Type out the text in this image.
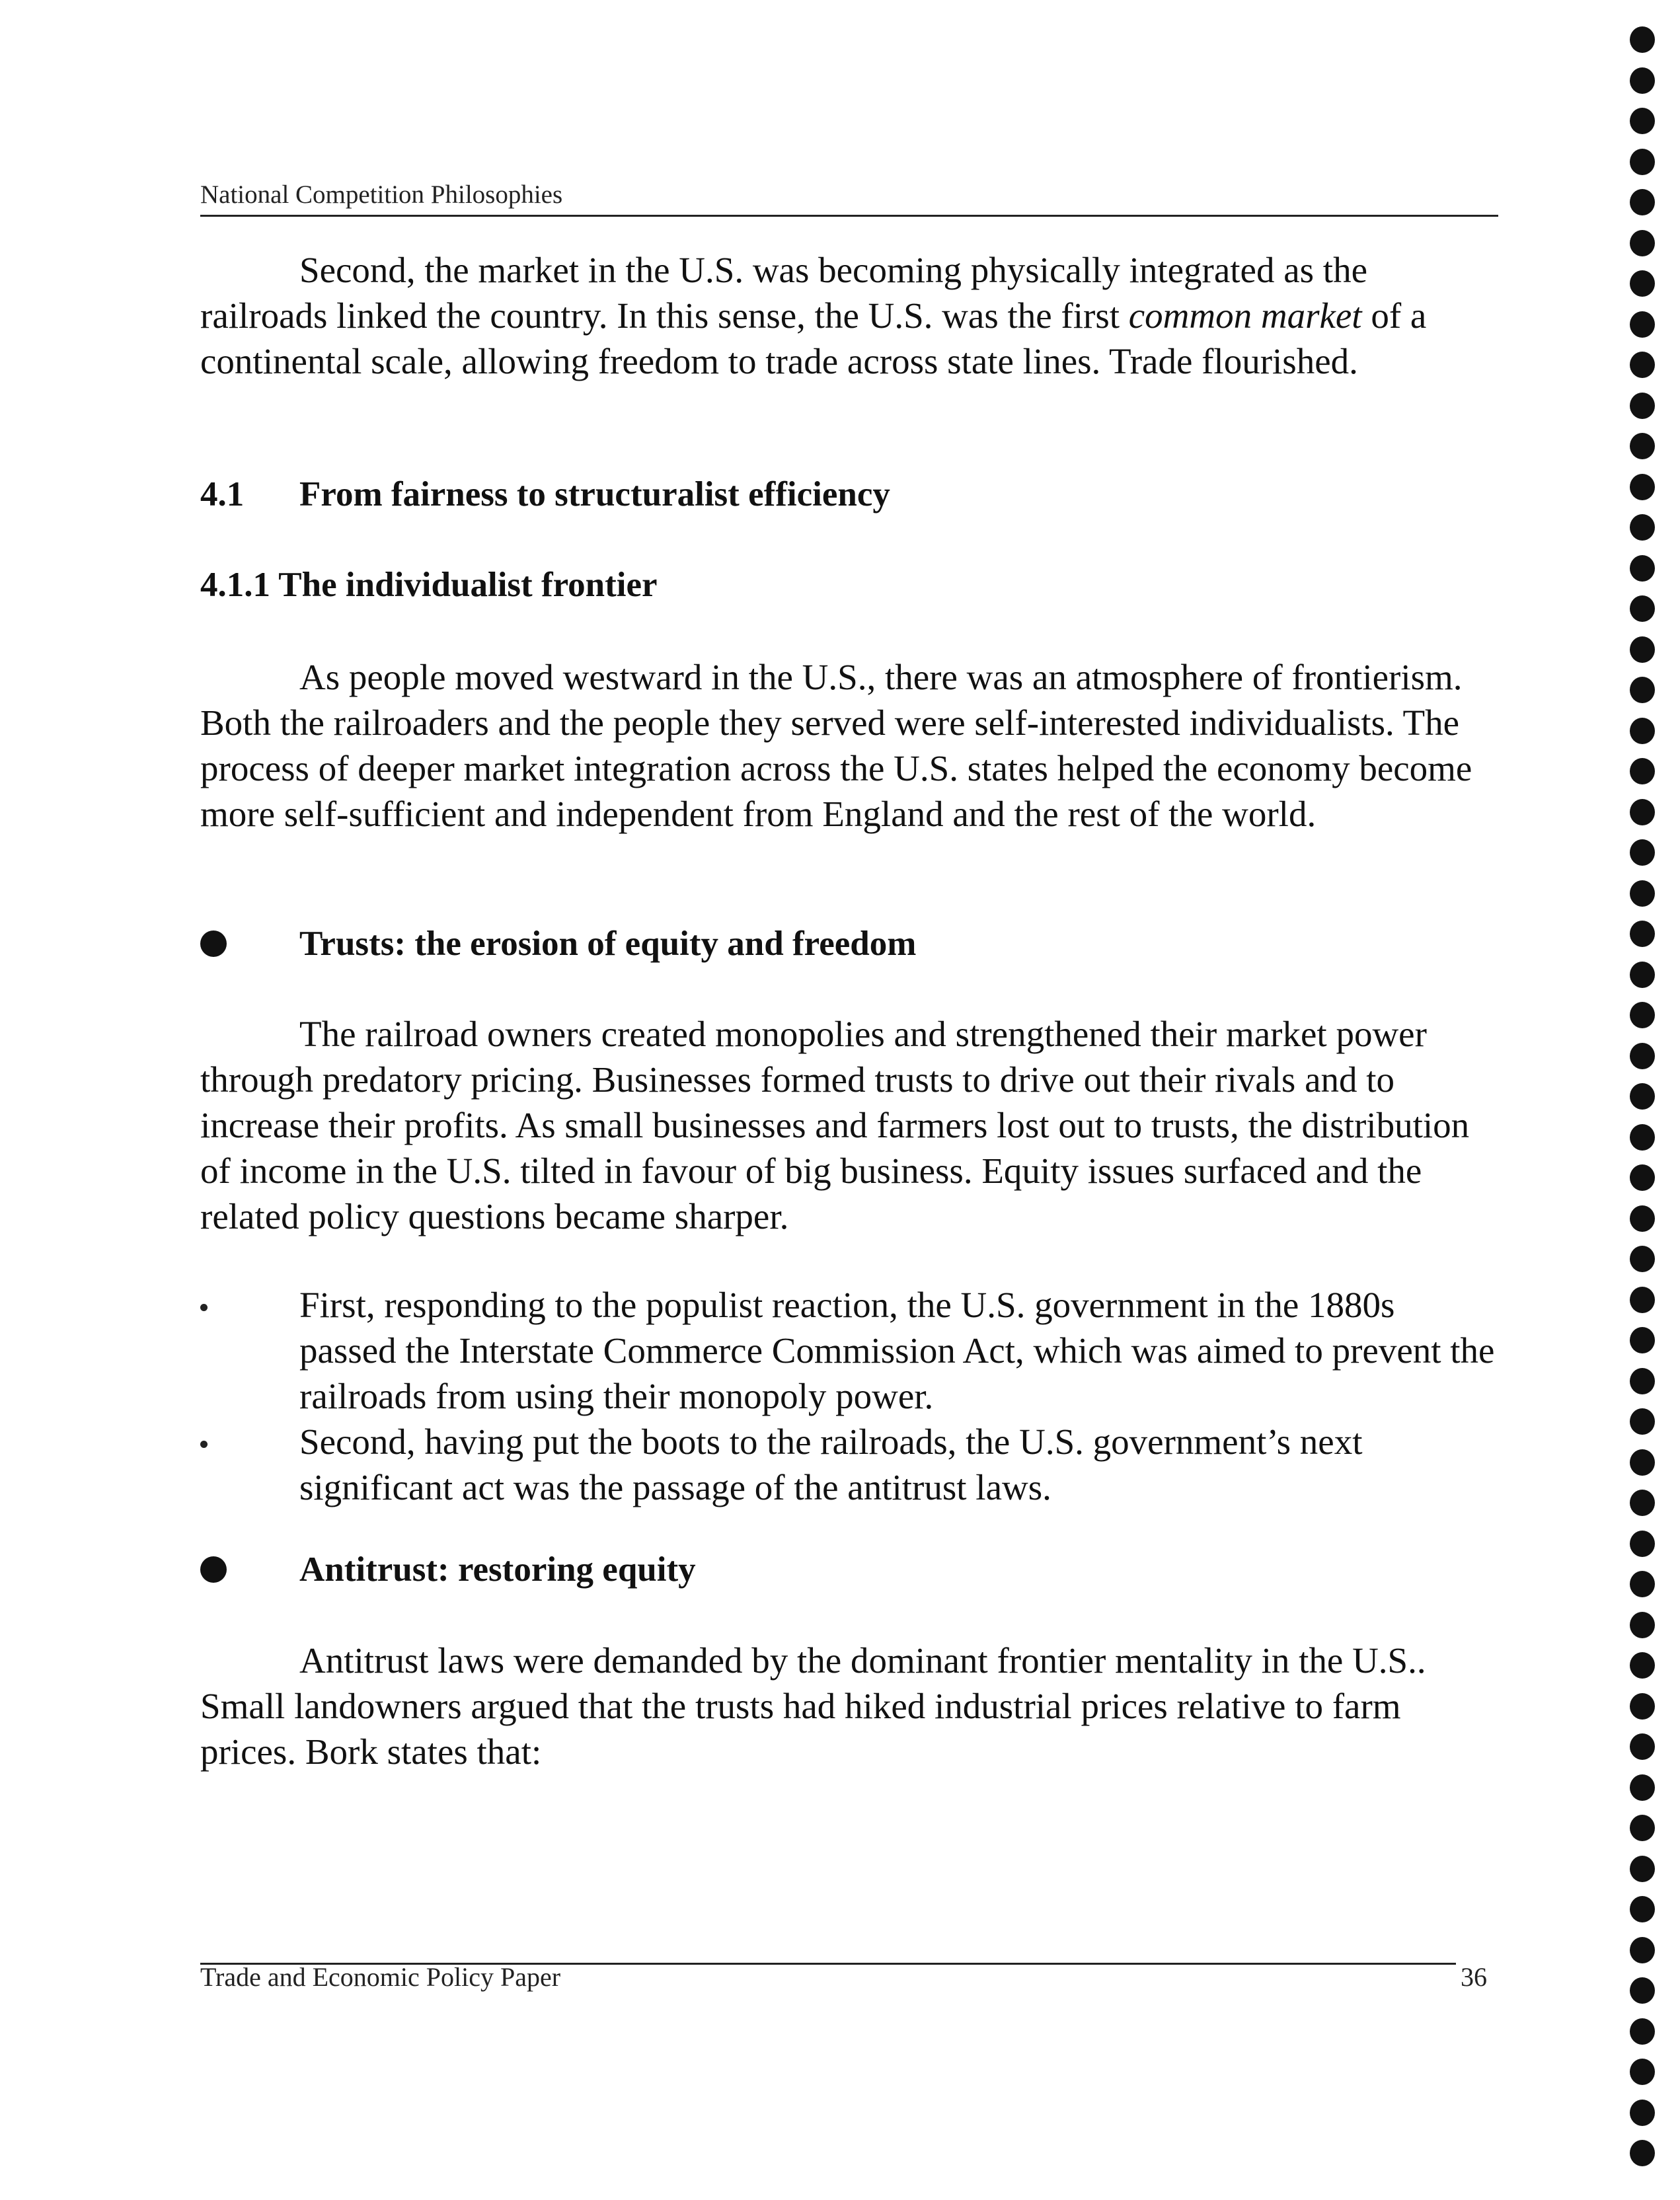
National Competition Philosophies

Second, the market in the U.S. was becoming physically integrated as the railroads linked the country. In this sense, the U.S. was the first common market of a continental scale, allowing freedom to trade across state lines. Trade flourished.

4.1 From fairness to structuralist efficiency
4.1.1 The individualist frontier

As people moved westward in the U.S., there was an atmosphere of frontierism. Both the railroaders and the people they served were self-interested individualists. The process of deeper market integration across the U.S. states helped the economy become more self-sufficient and independent from England and the rest of the world.

Trusts: the erosion of equity and freedom

The railroad owners created monopolies and strengthened their market power through predatory pricing. Businesses formed trusts to drive out their rivals and to increase their profits. As small businesses and farmers lost out to trusts, the distribution of income in the U.S. tilted in favour of big business. Equity issues surfaced and the related policy questions became sharper.

First, responding to the populist reaction, the U.S. government in the 1880s passed the Interstate Commerce Commission Act, which was aimed to prevent the railroads from using their monopoly power.
Second, having put the boots to the railroads, the U.S. government’s next significant act was the passage of the antitrust laws.
Antitrust: restoring equity

Antitrust laws were demanded by the dominant frontier mentality in the U.S.. Small landowners argued that the trusts had hiked industrial prices relative to farm prices. Bork states that:

Trade and Economic Policy Paper	36
